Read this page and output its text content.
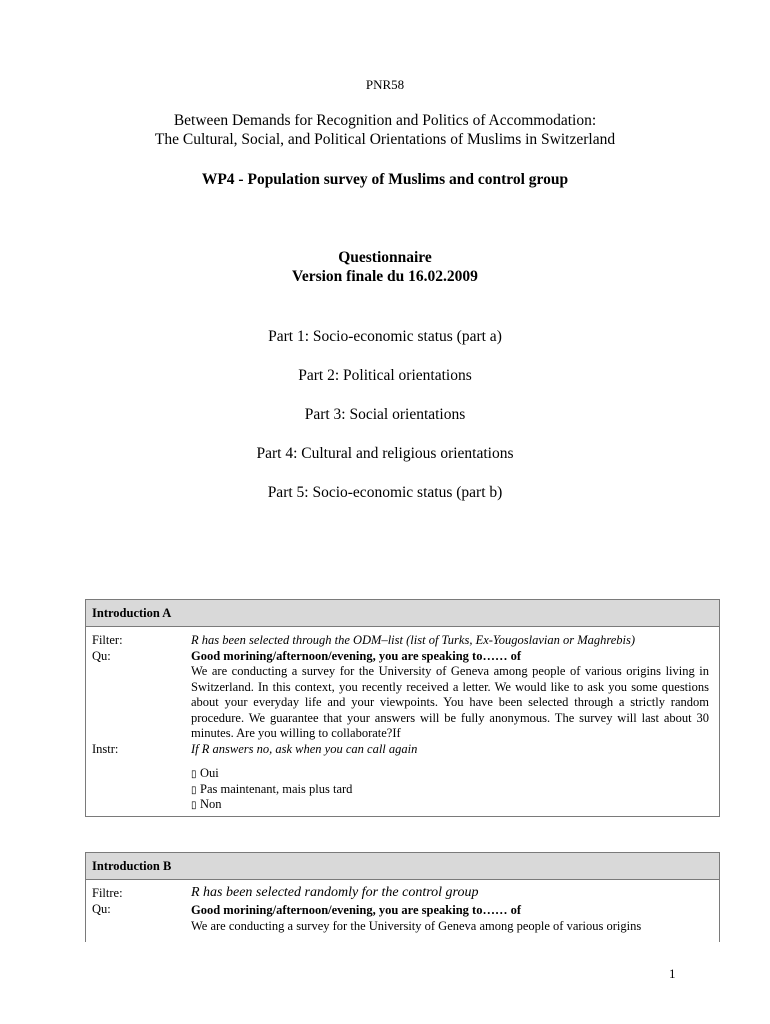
PNR58
Between Demands for Recognition and Politics of Accommodation:
The Cultural, Social, and Political Orientations of Muslims in Switzerland
WP4 - Population survey of Muslims and control group
Questionnaire
Version finale du 16.02.2009
Part 1: Socio-economic status (part a)
Part 2: Political orientations
Part 3: Social orientations
Part 4: Cultural and religious orientations
Part 5: Socio-economic status (part b)
Introduction A
Filter:	R has been selected through the ODM–list (list of Turks, Ex-Yougoslavian or Maghrebis)
Qu:	Good morining/afternoon/evening, you are speaking to…… of
We are conducting a survey for the University of Geneva among people of various origins living in Switzerland. In this context, you recently received a letter. We would like to ask you some questions about your everyday life and your viewpoints. You have been selected through a strictly random procedure. We guarantee that your answers will be fully anonymous. The survey will last about 30 minutes. Are you willing to collaborate?If
Instr:	If R answers no, ask when you can call again
▯ Oui
▯ Pas maintenant, mais plus tard
▯ Non
Introduction B
Filtre:	R has been selected randomly for the control group
Qu:	Good morining/afternoon/evening, you are speaking to…… of
We are conducting a survey for the University of Geneva among people of various origins
1
